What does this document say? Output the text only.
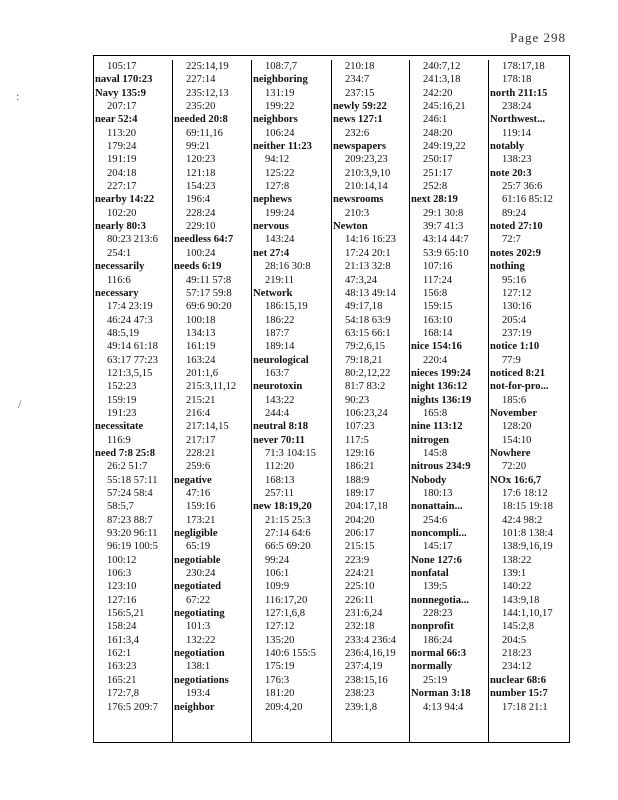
Page 298
:
/
105:17
naval 170:23
Navy 135:9
207:17
near 52:4
113:20
179:24
191:19
204:18
227:17
nearby 14:22
102:20
nearly 80:3
80:23 213:6
254:1
necessarily
116:6
necessary
17:4 23:19
46:24 47:3
48:5,19
49:14 61:18
63:17 77:23
121:3,5,15
152:23
159:19
191:23
necessitate
116:9
need 7:8 25:8
26:2 51:7
55:18 57:11
57:24 58:4
58:5,7
87:23 88:7
93:20 96:11
96:19 100:5
100:12
106:3
123:10
127:16
156:5,21
158:24
161:3,4
162:1
163:23
165:21
172:7,8
176:5 209:7
225:14,19
227:14
235:12,13
235:20
needed 20:8
69:11,16
99:21
120:23
121:18
154:23
196:4
228:24
229:10
needless 64:7
100:24
needs 6:19
49:11 57:8
57:17 59:8
69:6 90:20
100:18
134:13
161:19
163:24
201:1,6
215:3,11,12
215:21
216:4
217:14,15
217:17
228:21
259:6
negative
47:16
159:16
173:21
negligible
65:19
negotiable
230:24
negotiated
67:22
negotiating
101:3
132:22
negotiation
138:1
negotiations
193:4
neighbor
108:7,7
neighboring
131:19
199:22
neighbors
106:24
neither 11:23
94:12
125:22
127:8
nephews
199:24
nervous
143:24
net 27:4
28:16 30:8
219:11
Network
186:15,19
186:22
187:7
189:14
neurological
163:7
neurotoxin
143:22
244:4
neutral 8:18
never 70:11
71:3 104:15
112:20
168:13
257:11
new 18:19,20
21:15 25:3
27:14 64:6
66:5 69:20
99:24
106:1
109:9
116:17,20
127:1,6,8
127:12
135:20
140:6 155:5
175:19
176:3
181:20
209:4,20
210:18
234:7
237:15
newly 59:22
news 127:1
232:6
newspapers
209:23,23
210:3,9,10
210:14,14
newsrooms
210:3
Newton
14:16 16:23
17:24 20:1
21:13 32:8
47:3,24
48:13 49:14
49:17,18
54:18 63:9
63:15 66:1
79:2,6,15
79:18,21
80:2,12,22
81:7 83:2
90:23
106:23,24
107:23
117:5
129:16
186:21
188:9
189:17
204:17,18
204:20
206:17
215:15
223:9
224:21
225:10
226:11
231:6,24
232:18
233:4 236:4
236:4,16,19
237:4,19
238:15,16
238:23
239:1,8
240:7,12
241:3,18
242:20
245:16,21
246:1
248:20
249:19,22
250:17
251:17
252:8
next 28:19
29:1 30:8
39:7 41:3
43:14 44:7
53:9 65:10
107:16
117:24
156:8
159:15
163:10
168:14
nice 154:16
220:4
nieces 199:24
night 136:12
nights 136:19
165:8
nine 113:12
nitrogen
145:8
nitrous 234:9
Nobody
180:13
nonattain...
254:6
noncompli...
145:17
None 127:6
nonfatal
139:5
nonnegotia...
228:23
nonprofit
186:24
normal 66:3
normally
25:19
Norman 3:18
4:13 94:4
178:17,18
178:18
north 211:15
238:24
Northwest...
119:14
notably
138:23
note 20:3
25:7 36:6
61:16 85:12
89:24
noted 27:10
72:7
notes 202:9
nothing
95:16
127:12
130:16
205:4
237:19
notice 1:10
77:9
noticed 8:21
not-for-pro...
185:6
November
128:20
154:10
Nowhere
72:20
NOx 16:6,7
17:6 18:12
18:15 19:18
42:4 98:2
101:8 138:4
138:9,16,19
138:22
139:1
140:22
143:9,18
144:1,10,17
145:2,8
204:5
218:23
234:12
nuclear 68:6
number 15:7
17:18 21:1
